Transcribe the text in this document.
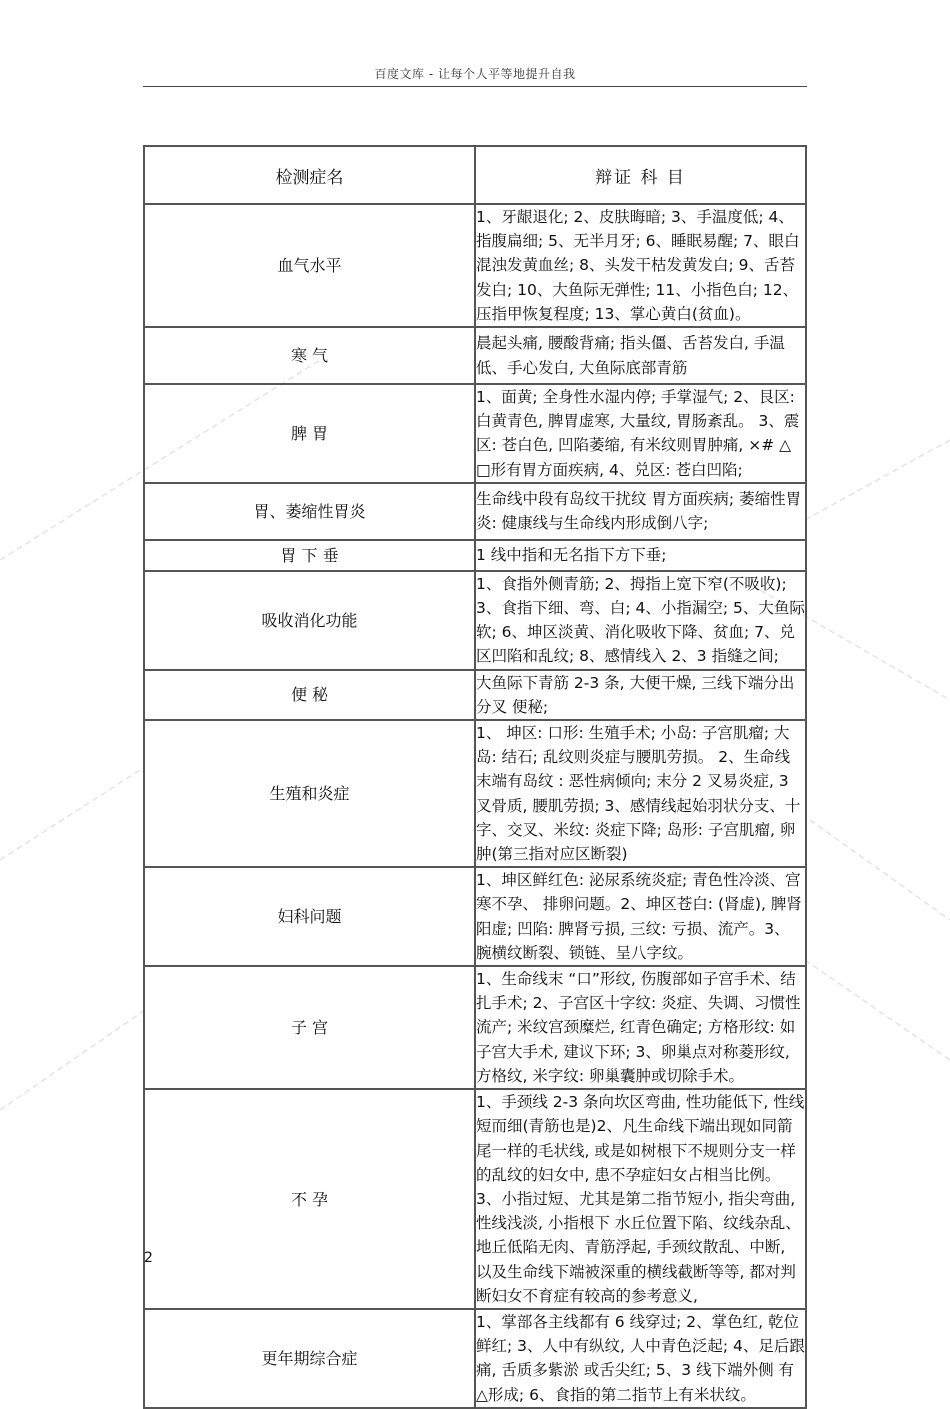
百度文库 - 让每个人平等地提升自我
检测症名	辩证 科 目
血气水平	1、牙龈退化; 2、皮肤晦暗; 3、手温度低; 4、指腹扁细; 5、无半月牙; 6、睡眠易醒; 7、眼白混浊发黄血丝; 8、头发干枯发黄发白; 9、舌苔发白; 10、大鱼际无弹性; 11、小指色白; 12、压指甲恢复程度; 13、掌心黄白(贫血)。
寒 气	晨起头痛, 腰酸背痛; 指头僵、舌苔发白, 手温低、手心发白, 大鱼际底部青筋
脾 胃	1、面黄; 全身性水湿内停; 手掌湿气; 2、艮区: 白黄青色, 脾胃虚寒, 大量纹, 胃肠紊乱。 3、震区: 苍白色, 凹陷萎缩, 有米纹则胃肿痛, ×# △□形有胃方面疾病, 4、兑区: 苍白凹陷;
胃、萎缩性胃炎	生命线中段有岛纹干扰纹 胃方面疾病; 萎缩性胃炎: 健康线与生命线内形成倒八字;
胃 下 垂	1 线中指和无名指下方下垂;
吸收消化功能	1、食指外侧青筋; 2、拇指上宽下窄(不吸收); 3、食指下细、弯、白; 4、小指漏空; 5、大鱼际软; 6、坤区淡黄、消化吸收下降、贫血; 7、兑区凹陷和乱纹; 8、感情线入 2、3 指缝之间;
便 秘	大鱼际下青筋 2-3 条, 大便干燥, 三线下端分出分叉 便秘;
生殖和炎症	1、 坤区: 口形: 生殖手术; 小岛: 子宫肌瘤; 大岛: 结石; 乱纹则炎症与腰肌劳损。 2、生命线末端有岛纹 : 恶性病倾向; 末分 2 叉易炎症, 3 叉骨质, 腰肌劳损; 3、感情线起始羽状分支、十字、交叉、米纹: 炎症下降; 岛形: 子宫肌瘤, 卵肿(第三指对应区断裂)
妇科问题	1、坤区鲜红色: 泌尿系统炎症; 青色性冷淡、宫寒不孕、 排卵问题。2、坤区苍白: (肾虚), 脾肾阳虚; 凹陷: 脾肾亏损, 三纹: 亏损、流产。3、腕横纹断裂、锁链、呈八字纹。
子 宫	1、生命线末 “口”形纹, 伤腹部如子宫手术、结扎手术; 2、子宫区十字纹: 炎症、失调、习惯性流产; 米纹宫颈糜烂, 红青色确定; 方格形纹: 如子宫大手术, 建议下环; 3、卵巢点对称菱形纹, 方格纹, 米字纹: 卵巢囊肿或切除手术。
不 孕	1、手颈线 2-3 条向坎区弯曲, 性功能低下, 性线短而细(青筋也是)2、凡生命线下端出现如同箭尾一样的毛状线, 或是如树根下不规则分支一样的乱纹的妇女中, 患不孕症妇女占相当比例。 3、小指过短、尤其是第二指节短小, 指尖弯曲, 性线浅淡, 小指根下 水丘位置下陷、纹线杂乱、地丘低陷无肉、青筋浮起, 手颈纹散乱、中断, 以及生命线下端被深重的横线截断等等, 都对判断妇女不育症有较高的参考意义,
更年期综合症	1、掌部各主线都有 6 线穿过; 2、掌色红, 乾位鲜红; 3、人中有纵纹, 人中青色泛起; 4、足后跟痛, 舌质多紫淤 或舌尖红; 5、3 线下端外侧 有△形成; 6、食指的第二指节上有米状纹。
2
